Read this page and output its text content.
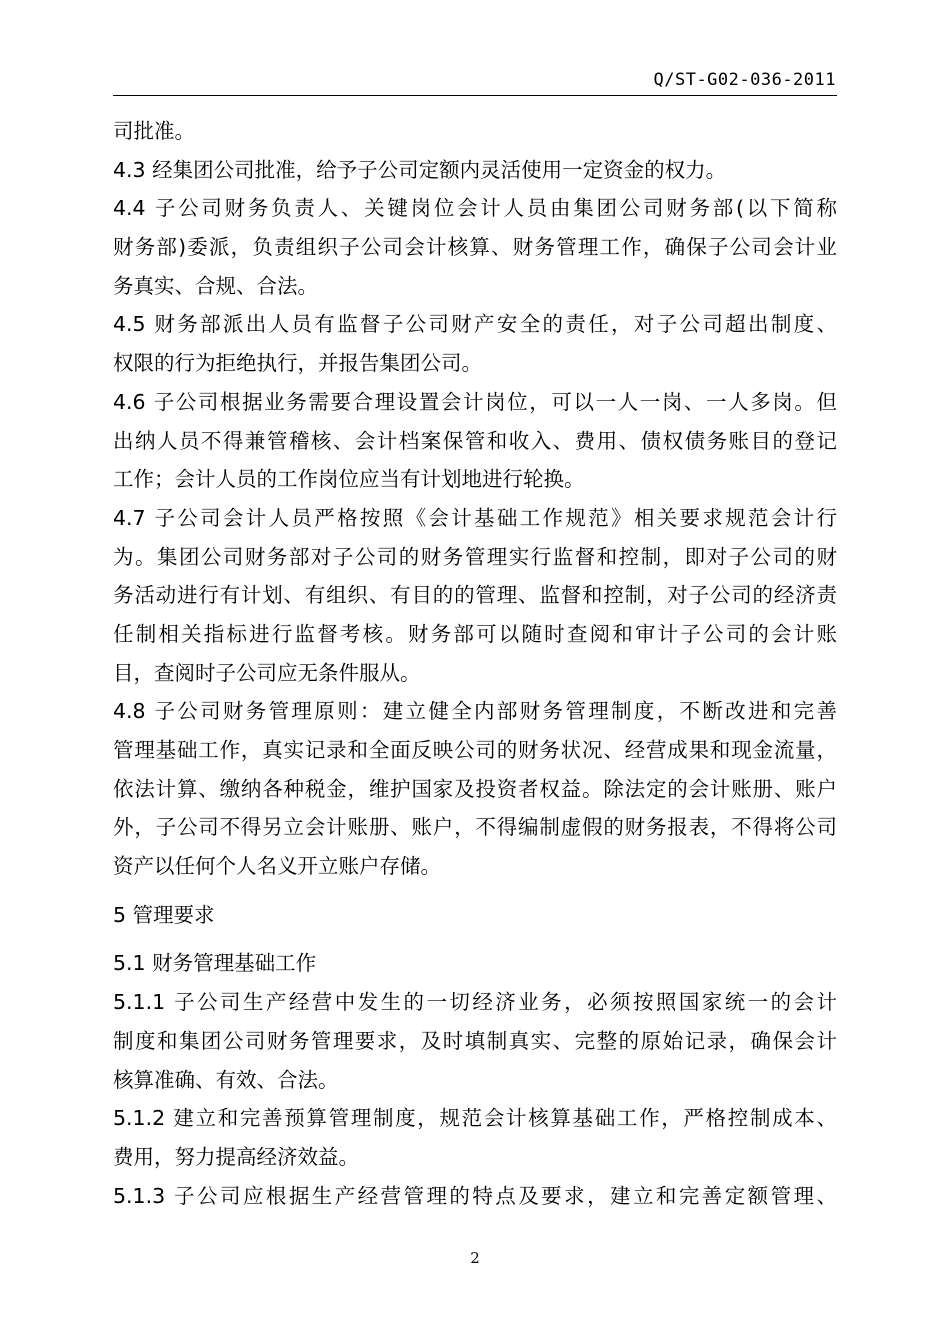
Q/ST-G02-036-2011
司批准。
4.3 经集团公司批准，给予子公司定额内灵活使用一定资金的权力。
4.4 子公司财务负责人、关键岗位会计人员由集团公司财务部(以下简称
财务部)委派，负责组织子公司会计核算、财务管理工作，确保子公司会计业
务真实、合规、合法。
4.5 财务部派出人员有监督子公司财产安全的责任，对子公司超出制度、
权限的行为拒绝执行，并报告集团公司。
4.6 子公司根据业务需要合理设置会计岗位，可以一人一岗、一人多岗。但
出纳人员不得兼管稽核、会计档案保管和收入、费用、债权债务账目的登记
工作；会计人员的工作岗位应当有计划地进行轮换。
4.7 子公司会计人员严格按照《会计基础工作规范》相关要求规范会计行
为。集团公司财务部对子公司的财务管理实行监督和控制，即对子公司的财
务活动进行有计划、有组织、有目的的管理、监督和控制，对子公司的经济责
任制相关指标进行监督考核。财务部可以随时查阅和审计子公司的会计账
目，查阅时子公司应无条件服从。
4.8 子公司财务管理原则：建立健全内部财务管理制度，不断改进和完善
管理基础工作，真实记录和全面反映公司的财务状况、经营成果和现金流量，
依法计算、缴纳各种税金，维护国家及投资者权益。除法定的会计账册、账户
外，子公司不得另立会计账册、账户，不得编制虚假的财务报表，不得将公司
资产以任何个人名义开立账户存储。
5 管理要求
5.1 财务管理基础工作
5.1.1 子公司生产经营中发生的一切经济业务，必须按照国家统一的会计
制度和集团公司财务管理要求，及时填制真实、完整的原始记录，确保会计
核算准确、有效、合法。
5.1.2 建立和完善预算管理制度，规范会计核算基础工作，严格控制成本、
费用，努力提高经济效益。
5.1.3 子公司应根据生产经营管理的特点及要求，建立和完善定额管理、
2
